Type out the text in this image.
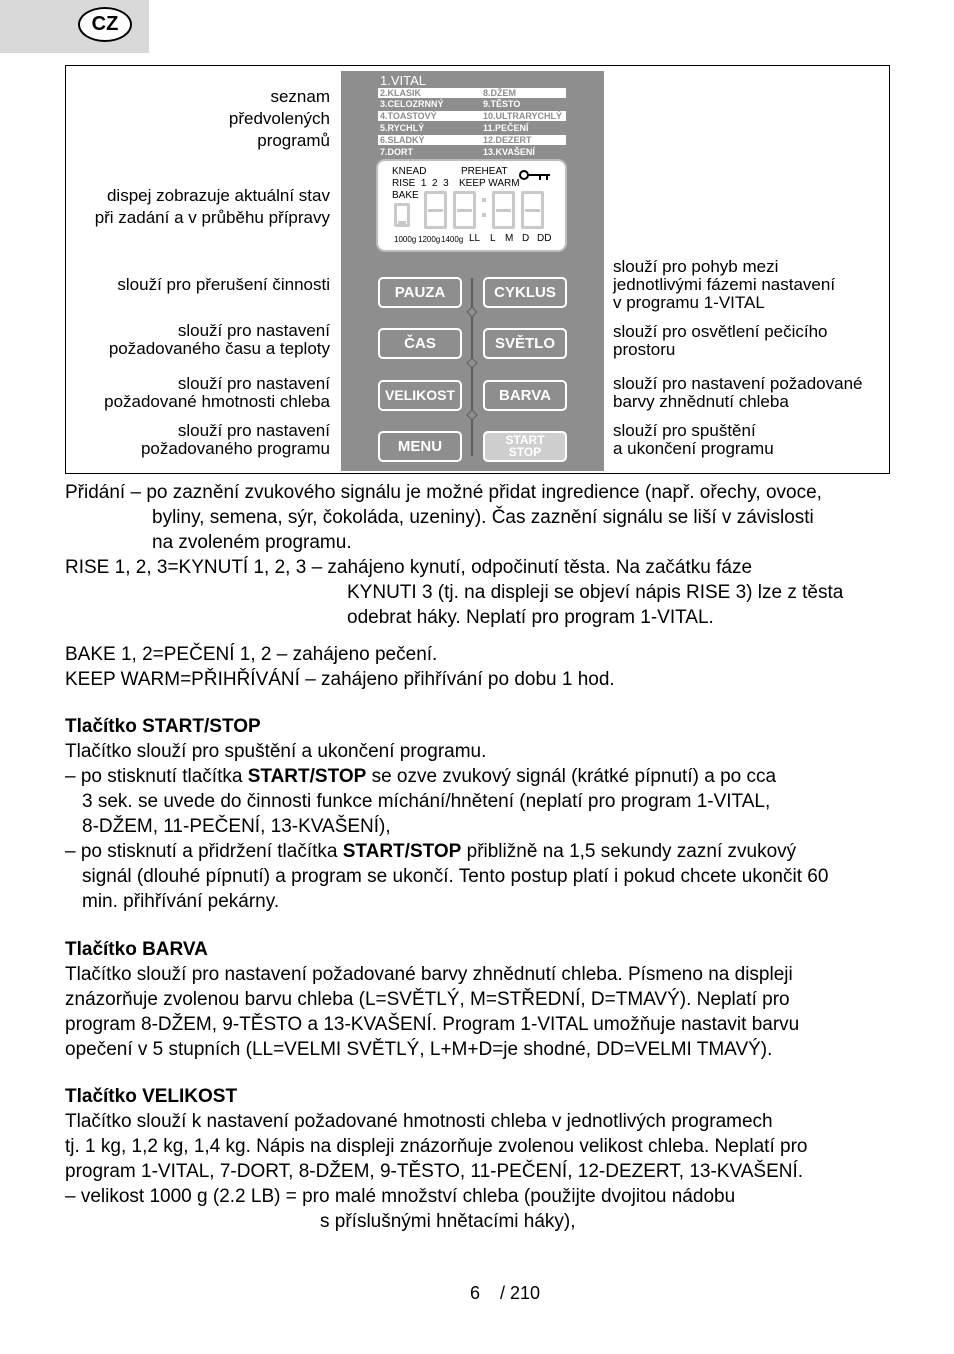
CZ
seznam
předvolených
programů
dispej zobrazuje aktuální stav
při zadání a v průběhu přípravy
slouží pro přerušení činnosti
slouží pro nastavení
požadovaného času a teploty
slouží pro nastavení
požadované hmotnosti chleba
slouží pro nastavení
požadovaného programu
slouží pro pohyb mezi
jednotlivými fázemi nastavení
v programu 1-VITAL
slouží pro osvětlení pečicího
prostoru
slouží pro nastavení požadované
barvy zhnědnutí chleba
slouží pro spuštění
a ukončení programu
1.VITAL
2.KLASIK	8.DŽEM
3.CELOZRNNÝ	9.TĚSTO
4.TOASTOVÝ	10.ULTRARYCHLÝ
5.RYCHLÝ	11.PEČENÍ
6.SLADKÝ	12.DEZERT
7.DORT	13.KVAŠENÍ
KNEAD	PREHEAT
RISE  1  2  3 KEEP WARM
BAKE
1000g 1200g 1400g LL L M D DD
PAUZA	CYKLUS
ČAS	SVĚTLO
VELIKOST	BARVA
MENU	START
STOP
Přidání – po zaznění zvukového signálu je možné přidat ingredience (např. ořechy, ovoce,
byliny, semena, sýr, čokoláda, uzeniny). Čas zaznění signálu se liší v závislosti
na zvoleném programu.
RISE 1, 2, 3=KYNUTÍ 1, 2, 3 – zahájeno kynutí, odpočinutí těsta. Na začátku fáze
KYNUTI 3 (tj. na displeji se objeví nápis RISE 3) lze z těsta
odebrat háky. Neplatí pro program 1-VITAL.
BAKE 1, 2=PEČENÍ 1, 2 – zahájeno pečení.
KEEP WARM=PŘIHŘÍVÁNÍ – zahájeno přihřívání po dobu 1 hod.
Tlačítko START/STOP
Tlačítko slouží pro spuštění a ukončení programu.
– po stisknutí tlačítka START/STOP se ozve zvukový signál (krátké pípnutí) a po cca
3 sek. se uvede do činnosti funkce míchání/hnětení (neplatí pro program 1-VITAL,
8-DŽEM, 11-PEČENÍ, 13-KVAŠENÍ),
– po stisknutí a přidržení tlačítka START/STOP přibližně na 1,5 sekundy zazní zvukový
signál (dlouhé pípnutí) a program se ukončí. Tento postup platí i pokud chcete ukončit 60
min. přihřívání pekárny.
Tlačítko BARVA
Tlačítko slouží pro nastavení požadované barvy zhnědnutí chleba. Písmeno na displeji
znázorňuje zvolenou barvu chleba (L=SVĚTLÝ, M=STŘEDNÍ, D=TMAVÝ). Neplatí pro
program 8-DŽEM, 9-TĚSTO a 13-KVAŠENÍ. Program 1-VITAL umožňuje nastavit barvu
opečení v 5 stupních (LL=VELMI SVĚTLÝ, L+M+D=je shodné, DD=VELMI TMAVÝ).
Tlačítko VELIKOST
Tlačítko slouží k nastavení požadované hmotnosti chleba v jednotlivých programech
tj. 1 kg, 1,2 kg, 1,4 kg. Nápis na displeji znázorňuje zvolenou velikost chleba. Neplatí pro
program 1-VITAL, 7-DORT, 8-DŽEM, 9-TĚSTO, 11-PEČENÍ, 12-DEZERT, 13-KVAŠENÍ.
– velikost 1000 g (2.2 LB) = pro malé množství chleba (použijte dvojitou nádobu
s příslušnými hnětacími háky),
6 / 210
